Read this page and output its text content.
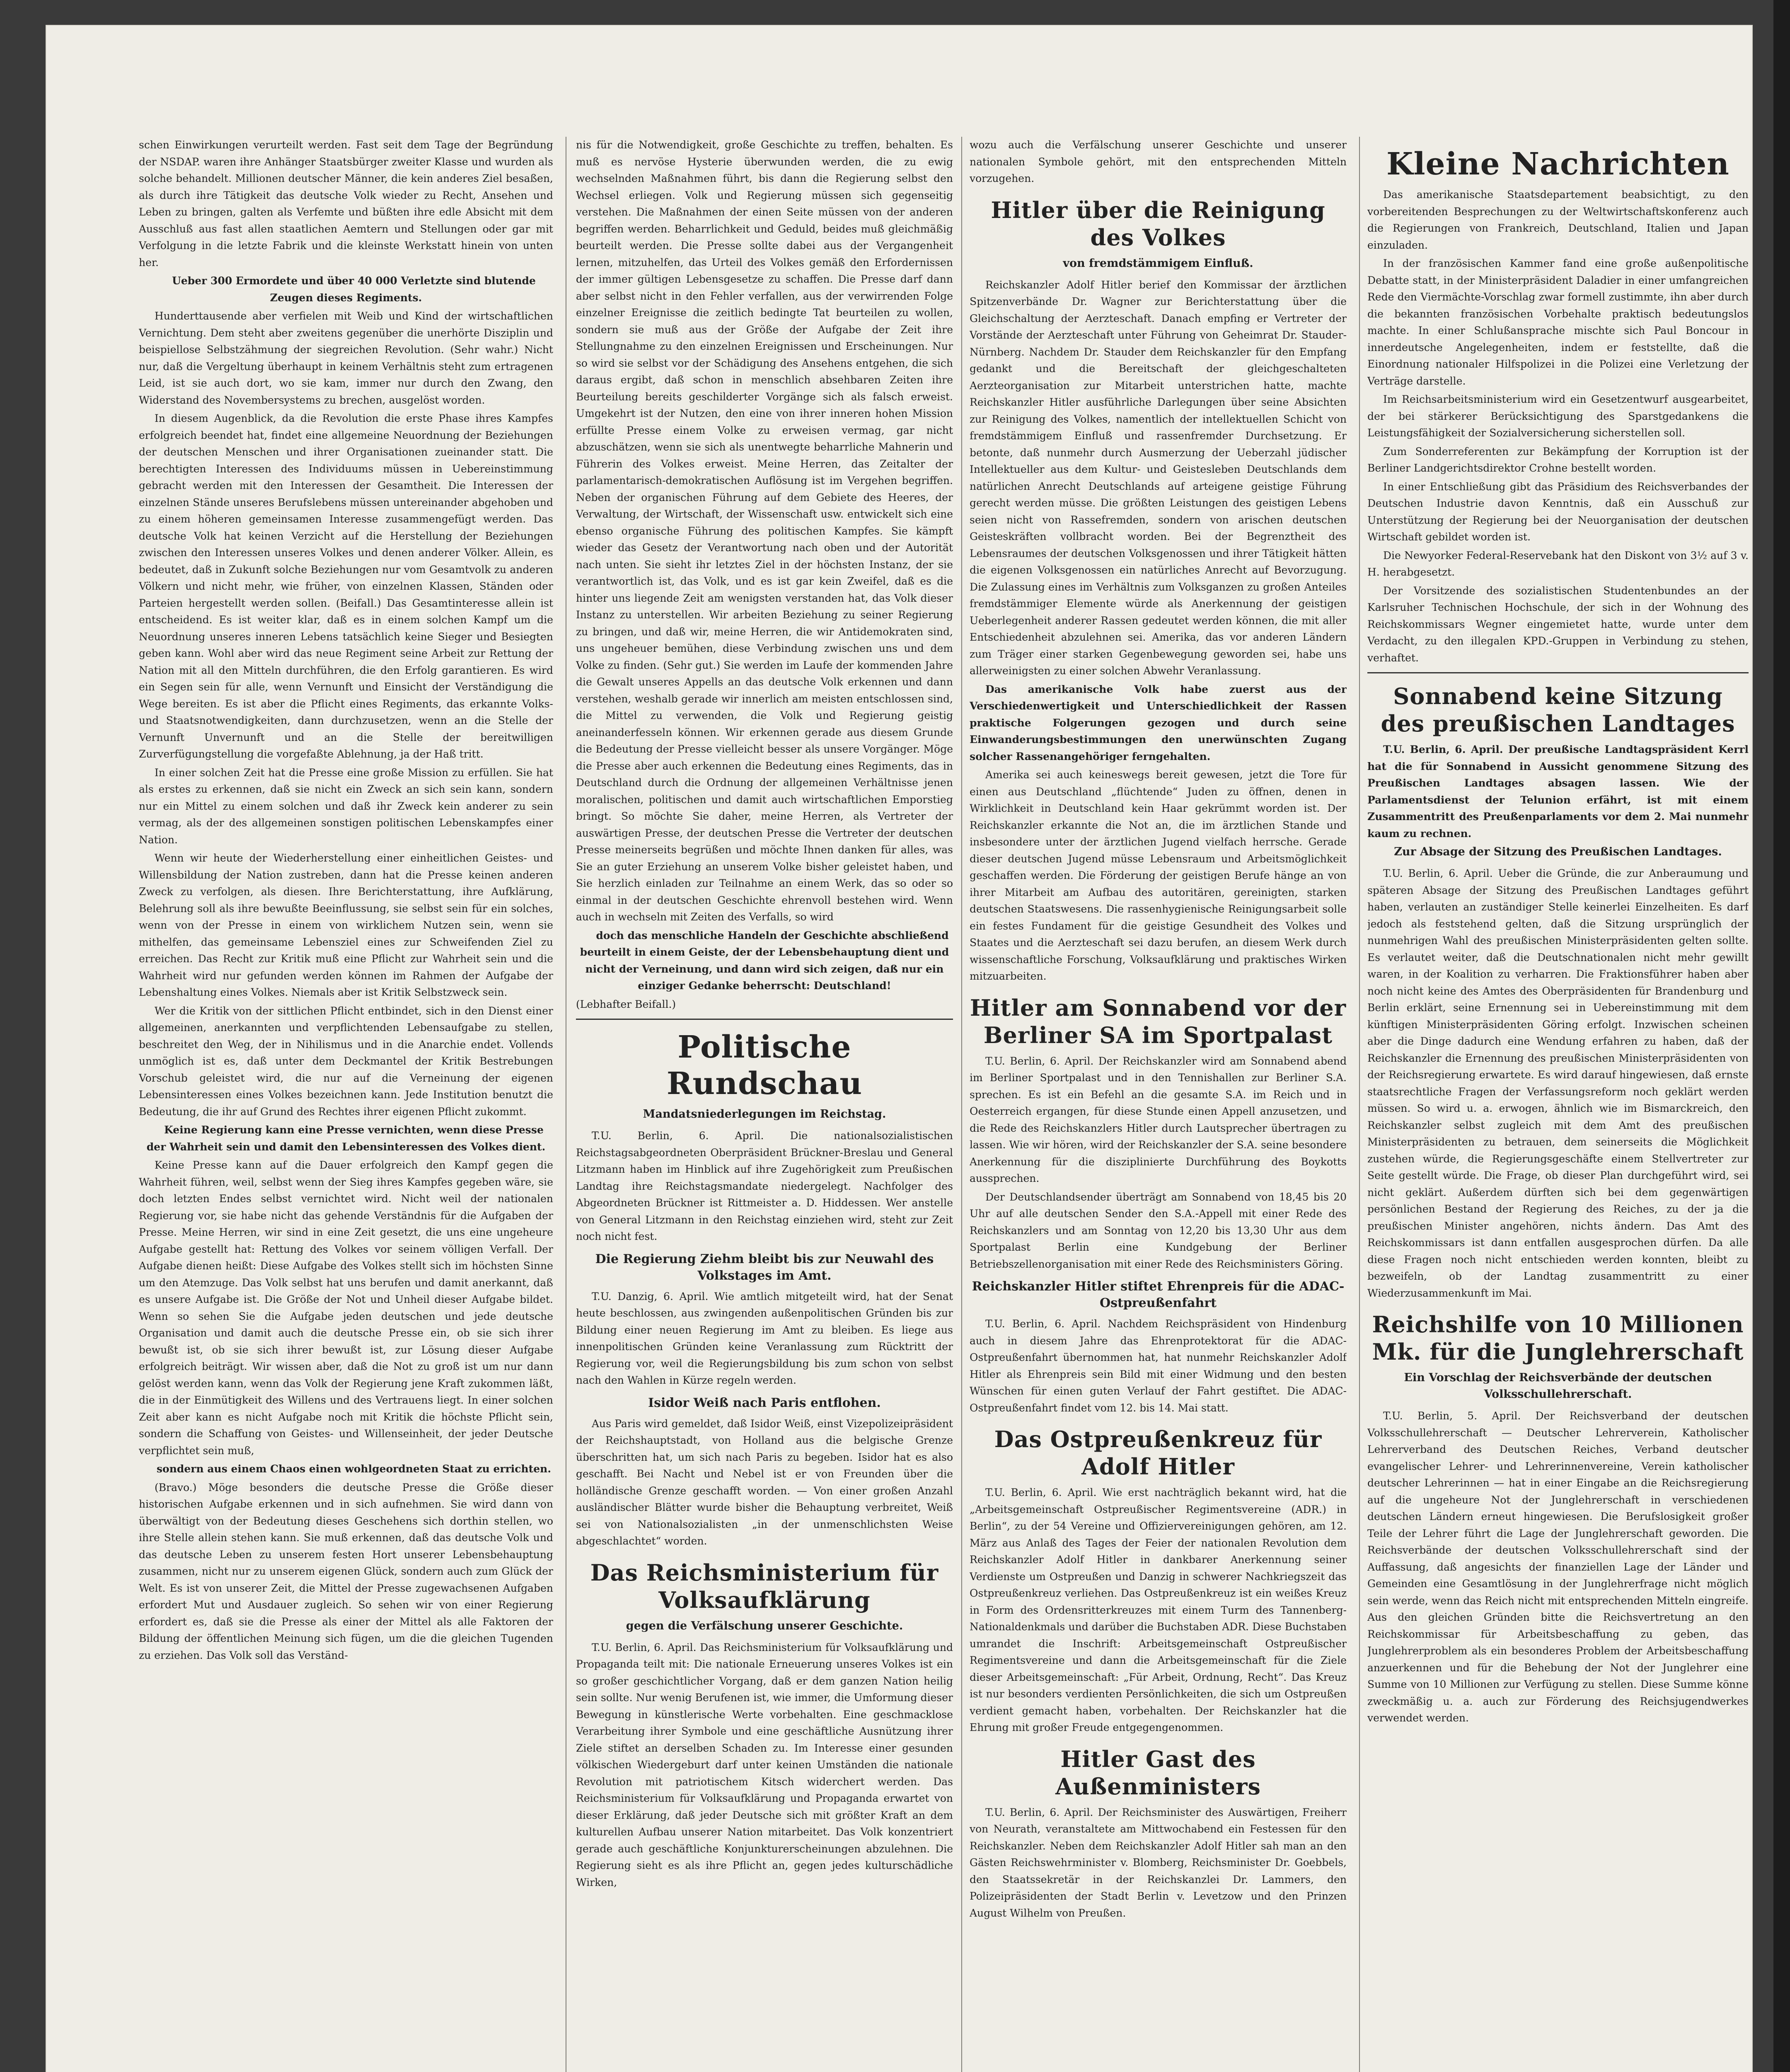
schen Einwirkungen verurteilt werden. Fast seit dem Tage der Begründung der NSDAP. waren ihre Anhänger Staatsbürger zweiter Klasse und wurden als solche behandelt. Millionen deutscher Männer, die kein anderes Ziel besaßen, als durch ihre Tätigkeit das deutsche Volk wieder zu Recht, Ansehen und Leben zu bringen, galten als Verfemte und büßten ihre edle Absicht mit dem Ausschluß aus fast allen staatlichen Aemtern und Stellungen oder gar mit Verfolgung in die letzte Fabrik und die kleinste Werkstatt hinein von unten her.

Ueber 300 Ermordete und über 40 000 Verletzte sind blutende Zeugen dieses Regiments.

Hunderttausende aber verfielen mit Weib und Kind der wirtschaftlichen Vernichtung. Dem steht aber zweitens gegenüber die unerhörte Disziplin und beispiellose Selbstzähmung der siegreichen Revolution. (Sehr wahr.) Nicht nur, daß die Vergeltung überhaupt in keinem Verhältnis steht zum ertragenen Leid, ist sie auch dort, wo sie kam, immer nur durch den Zwang, den Widerstand des Novembersystems zu brechen, ausgelöst worden.

In diesem Augenblick, da die Revolution die erste Phase ihres Kampfes erfolgreich beendet hat, findet eine allgemeine Neuordnung der Beziehungen der deutschen Menschen und ihrer Organisationen zueinander statt. Die berechtigten Interessen des Individuums müssen in Uebereinstimmung gebracht werden mit den Interessen der Gesamtheit. Die Interessen der einzelnen Stände unseres Berufslebens müssen untereinander abgehoben und zu einem höheren gemeinsamen Interesse zusammengefügt werden. Das deutsche Volk hat keinen Verzicht auf die Herstellung der Beziehungen zwischen den Interessen unseres Volkes und denen anderer Völker. Allein, es bedeutet, daß in Zukunft solche Beziehungen nur vom Gesamtvolk zu anderen Völkern und nicht mehr, wie früher, von einzelnen Klassen, Ständen oder Parteien hergestellt werden sollen. (Beifall.) Das Gesamtinteresse allein ist entscheidend. Es ist weiter klar, daß es in einem solchen Kampf um die Neuordnung unseres inneren Lebens tatsächlich keine Sieger und Besiegten geben kann. Wohl aber wird das neue Regiment seine Arbeit zur Rettung der Nation mit all den Mitteln durchführen, die den Erfolg garantieren. Es wird ein Segen sein für alle, wenn Vernunft und Einsicht der Verständigung die Wege bereiten. Es ist aber die Pflicht eines Regiments, das erkannte Volks- und Staatsnotwendigkeiten, dann durchzusetzen, wenn an die Stelle der Vernunft Unvernunft und an die Stelle der bereitwilligen Zurverfügungstellung die vorgefaßte Ablehnung, ja der Haß tritt.

In einer solchen Zeit hat die Presse eine große Mission zu erfüllen. Sie hat als erstes zu erkennen, daß sie nicht ein Zweck an sich sein kann, sondern nur ein Mittel zu einem solchen und daß ihr Zweck kein anderer zu sein vermag, als der des allgemeinen sonstigen politischen Lebenskampfes einer Nation.

Wenn wir heute der Wiederherstellung einer einheitlichen Geistes- und Willensbildung der Nation zustreben, dann hat die Presse keinen anderen Zweck zu verfolgen, als diesen. Ihre Berichterstattung, ihre Aufklärung, Belehrung soll als ihre bewußte Beeinflussung, sie selbst sein für ein solches, wenn von der Presse in einem von wirklichem Nutzen sein, wenn sie mithelfen, das gemeinsame Lebensziel eines zur Schweifenden Ziel zu erreichen. Das Recht zur Kritik muß eine Pflicht zur Wahrheit sein und die Wahrheit wird nur gefunden werden können im Rahmen der Aufgabe der Lebenshaltung eines Volkes. Niemals aber ist Kritik Selbstzweck sein.

Wer die Kritik von der sittlichen Pflicht entbindet, sich in den Dienst einer allgemeinen, anerkannten und verpflichtenden Lebensaufgabe zu stellen, beschreitet den Weg, der in Nihilismus und in die Anarchie endet. Vollends unmöglich ist es, daß unter dem Deckmantel der Kritik Bestrebungen Vorschub geleistet wird, die nur auf die Verneinung der eigenen Lebensinteressen eines Volkes bezeichnen kann. Jede Institution benutzt die Bedeutung, die ihr auf Grund des Rechtes ihrer eigenen Pflicht zukommt.

Keine Regierung kann eine Presse vernichten, wenn diese Presse der Wahrheit sein und damit den Lebensinteressen des Volkes dient.

Keine Presse kann auf die Dauer erfolgreich den Kampf gegen die Wahrheit führen, weil, selbst wenn der Sieg ihres Kampfes gegeben wäre, sie doch letzten Endes selbst vernichtet wird. Nicht weil der nationalen Regierung vor, sie habe nicht das gehende Verständnis für die Aufgaben der Presse. Meine Herren, wir sind in eine Zeit gesetzt, die uns eine ungeheure Aufgabe gestellt hat: Rettung des Volkes vor seinem völligen Verfall. Der Aufgabe dienen heißt: Diese Aufgabe des Volkes stellt sich im höchsten Sinne um den Atemzuge. Das Volk selbst hat uns berufen und damit anerkannt, daß es unsere Aufgabe ist. Die Größe der Not und Unheil dieser Aufgabe bildet. Wenn so sehen Sie die Aufgabe jeden deutschen und jede deutsche Organisation und damit auch die deutsche Presse ein, ob sie sich ihrer bewußt ist, ob sie sich ihrer bewußt ist, zur Lösung dieser Aufgabe erfolgreich beiträgt. Wir wissen aber, daß die Not zu groß ist um nur dann gelöst werden kann, wenn das Volk der Regierung jene Kraft zukommen läßt, die in der Einmütigkeit des Willens und des Vertrauens liegt. In einer solchen Zeit aber kann es nicht Aufgabe noch mit Kritik die höchste Pflicht sein, sondern die Schaffung von Geistes- und Willenseinheit, der jeder Deutsche verpflichtet sein muß,

sondern aus einem Chaos einen wohlgeordneten Staat zu errichten.

(Bravo.) Möge besonders die deutsche Presse die Größe dieser historischen Aufgabe erkennen und in sich aufnehmen. Sie wird dann von überwältigt von der Bedeutung dieses Geschehens sich dorthin stellen, wo ihre Stelle allein stehen kann. Sie muß erkennen, daß das deutsche Volk und das deutsche Leben zu unserem festen Hort unserer Lebensbehauptung zusammen, nicht nur zu unserem eigenen Glück, sondern auch zum Glück der Welt. Es ist von unserer Zeit, die Mittel der Presse zugewachsenen Aufgaben erfordert Mut und Ausdauer zugleich. So sehen wir von einer Regierung erfordert es, daß sie die Presse als einer der Mittel als alle Faktoren der Bildung der öffentlichen Meinung sich fügen, um die die gleichen Tugenden zu erziehen. Das Volk soll das Verständ-

nis für die Notwendigkeit, große Geschichte zu treffen, behalten. Es muß es nervöse Hysterie überwunden werden, die zu ewig wechselnden Maßnahmen führt, bis dann die Regierung selbst den Wechsel erliegen. Volk und Regierung müssen sich gegenseitig verstehen. Die Maßnahmen der einen Seite müssen von der anderen begriffen werden. Beharrlichkeit und Geduld, beides muß gleichmäßig beurteilt werden. Die Presse sollte dabei aus der Vergangenheit lernen, mitzuhelfen, das Urteil des Volkes gemäß den Erfordernissen der immer gültigen Lebensgesetze zu schaffen. Die Presse darf dann aber selbst nicht in den Fehler verfallen, aus der verwirrenden Folge einzelner Ereignisse die zeitlich bedingte Tat beurteilen zu wollen, sondern sie muß aus der Größe der Aufgabe der Zeit ihre Stellungnahme zu den einzelnen Ereignissen und Erscheinungen. Nur so wird sie selbst vor der Schädigung des Ansehens entgehen, die sich daraus ergibt, daß schon in menschlich absehbaren Zeiten ihre Beurteilung bereits geschilderter Vorgänge sich als falsch erweist. Umgekehrt ist der Nutzen, den eine von ihrer inneren hohen Mission erfüllte Presse einem Volke zu erweisen vermag, gar nicht abzuschätzen, wenn sie sich als unentwegte beharrliche Mahnerin und Führerin des Volkes erweist. Meine Herren, das Zeitalter der parlamentarisch-demokratischen Auflösung ist im Vergehen begriffen. Neben der organischen Führung auf dem Gebiete des Heeres, der Verwaltung, der Wirtschaft, der Wissenschaft usw. entwickelt sich eine ebenso organische Führung des politischen Kampfes. Sie kämpft wieder das Gesetz der Verantwortung nach oben und der Autorität nach unten. Sie sieht ihr letztes Ziel in der höchsten Instanz, der sie verantwortlich ist, das Volk, und es ist gar kein Zweifel, daß es die hinter uns liegende Zeit am wenigsten verstanden hat, das Volk dieser Instanz zu unterstellen. Wir arbeiten Beziehung zu seiner Regierung zu bringen, und daß wir, meine Herren, die wir Antidemokraten sind, uns ungeheuer bemühen, diese Verbindung zwischen uns und dem Volke zu finden. (Sehr gut.) Sie werden im Laufe der kommenden Jahre die Gewalt unseres Appells an das deutsche Volk erkennen und dann verstehen, weshalb gerade wir innerlich am meisten entschlossen sind, die Mittel zu verwenden, die Volk und Regierung geistig aneinanderfesseln können. Wir erkennen gerade aus diesem Grunde die Bedeutung der Presse vielleicht besser als unsere Vorgänger. Möge die Presse aber auch erkennen die Bedeutung eines Regiments, das in Deutschland durch die Ordnung der allgemeinen Verhältnisse jenen moralischen, politischen und damit auch wirtschaftlichen Emporstieg bringt. So möchte Sie daher, meine Herren, als Vertreter der auswärtigen Presse, der deutschen Presse die Vertreter der deutschen Presse meinerseits begrüßen und möchte Ihnen danken für alles, was Sie an guter Erziehung an unserem Volke bisher geleistet haben, und Sie herzlich einladen zur Teilnahme an einem Werk, das so oder so einmal in der deutschen Geschichte ehrenvoll bestehen wird. Wenn auch in wechseln mit Zeiten des Verfalls, so wird

doch das menschliche Handeln der Geschichte abschließend beurteilt in einem Geiste, der der Lebensbehauptung dient und nicht der Verneinung, und dann wird sich zeigen, daß nur ein einziger Gedanke beherrscht: Deutschland!

(Lebhafter Beifall.)

Politische Rundschau
Mandatsniederlegungen im Reichstag.

T.U. Berlin, 6. April. Die nationalsozialistischen Reichstagsabgeordneten Oberpräsident Brückner-Breslau und General Litzmann haben im Hinblick auf ihre Zugehörigkeit zum Preußischen Landtag ihre Reichstagsmandate niedergelegt. Nachfolger des Abgeordneten Brückner ist Rittmeister a. D. Hiddessen. Wer anstelle von General Litzmann in den Reichstag einziehen wird, steht zur Zeit noch nicht fest.

Die Regierung Ziehm bleibt bis zur Neuwahl des Volkstages im Amt.

T.U. Danzig, 6. April. Wie amtlich mitgeteilt wird, hat der Senat heute beschlossen, aus zwingenden außenpolitischen Gründen bis zur Bildung einer neuen Regierung im Amt zu bleiben. Es liege aus innenpolitischen Gründen keine Veranlassung zum Rücktritt der Regierung vor, weil die Regierungsbildung bis zum schon von selbst nach den Wahlen in Kürze regeln werden.

Isidor Weiß nach Paris entflohen.

Aus Paris wird gemeldet, daß Isidor Weiß, einst Vizepolizeipräsident der Reichshauptstadt, von Holland aus die belgische Grenze überschritten hat, um sich nach Paris zu begeben. Isidor hat es also geschafft. Bei Nacht und Nebel ist er von Freunden über die holländische Grenze geschafft worden. — Von einer großen Anzahl ausländischer Blätter wurde bisher die Behauptung verbreitet, Weiß sei von Nationalsozialisten „in der unmenschlichsten Weise abgeschlachtet“ worden.

Das Reichsministerium für Volksaufklärung
gegen die Verfälschung unserer Geschichte.

T.U. Berlin, 6. April. Das Reichsministerium für Volksaufklärung und Propaganda teilt mit: Die nationale Erneuerung unseres Volkes ist ein so großer geschichtlicher Vorgang, daß er dem ganzen Nation heilig sein sollte. Nur wenig Berufenen ist, wie immer, die Umformung dieser Bewegung in künstlerische Werte vorbehalten. Eine geschmacklose Verarbeitung ihrer Symbole und eine geschäftliche Ausnützung ihrer Ziele stiftet an derselben Schaden zu. Im Interesse einer gesunden völkischen Wiedergeburt darf unter keinen Umständen die nationale Revolution mit patriotischem Kitsch widerchert werden. Das Reichsministerium für Volksaufklärung und Propaganda erwartet von dieser Erklärung, daß jeder Deutsche sich mit größter Kraft an dem kulturellen Aufbau unserer Nation mitarbeitet. Das Volk konzentriert gerade auch geschäftliche Konjunkturerscheinungen abzulehnen. Die Regierung sieht es als ihre Pflicht an, gegen jedes kulturschädliche Wirken,

wozu auch die Verfälschung unserer Geschichte und unserer nationalen Symbole gehört, mit den entsprechenden Mitteln vorzugehen.

Hitler über die Reinigung des Volkes
von fremdstämmigem Einfluß.

Reichskanzler Adolf Hitler berief den Kommissar der ärztlichen Spitzenverbände Dr. Wagner zur Berichterstattung über die Gleichschaltung der Aerzteschaft. Danach empfing er Vertreter der Vorstände der Aerzteschaft unter Führung von Geheimrat Dr. Stauder-Nürnberg. Nachdem Dr. Stauder dem Reichskanzler für den Empfang gedankt und die Bereitschaft der gleichgeschalteten Aerzteorganisation zur Mitarbeit unterstrichen hatte, machte Reichskanzler Hitler ausführliche Darlegungen über seine Absichten zur Reinigung des Volkes, namentlich der intellektuellen Schicht von fremdstämmigem Einfluß und rassenfremder Durchsetzung. Er betonte, daß nunmehr durch Ausmerzung der Ueberzahl jüdischer Intellektueller aus dem Kultur- und Geistesleben Deutschlands dem natürlichen Anrecht Deutschlands auf arteigene geistige Führung gerecht werden müsse. Die größten Leistungen des geistigen Lebens seien nicht von Rassefremden, sondern von arischen deutschen Geisteskräften vollbracht worden. Bei der Begrenztheit des Lebensraumes der deutschen Volksgenossen und ihrer Tätigkeit hätten die eigenen Volksgenossen ein natürliches Anrecht auf Bevorzugung. Die Zulassung eines im Verhältnis zum Volksganzen zu großen Anteiles fremdstämmiger Elemente würde als Anerkennung der geistigen Ueberlegenheit anderer Rassen gedeutet werden können, die mit aller Entschiedenheit abzulehnen sei. Amerika, das vor anderen Ländern zum Träger einer starken Gegenbewegung geworden sei, habe uns allerweinigsten zu einer solchen Abwehr Veranlassung.

Das amerikanische Volk habe zuerst aus der Verschiedenwertigkeit und Unterschiedlichkeit der Rassen praktische Folgerungen gezogen und durch seine Einwanderungsbestimmungen den unerwünschten Zugang solcher Rassenangehöriger ferngehalten.

Amerika sei auch keineswegs bereit gewesen, jetzt die Tore für einen aus Deutschland „flüchtende“ Juden zu öffnen, denen in Wirklichkeit in Deutschland kein Haar gekrümmt worden ist. Der Reichskanzler erkannte die Not an, die im ärztlichen Stande und insbesondere unter der ärztlichen Jugend vielfach herrsche. Gerade dieser deutschen Jugend müsse Lebensraum und Arbeitsmöglichkeit geschaffen werden. Die Förderung der geistigen Berufe hänge an von ihrer Mitarbeit am Aufbau des autoritären, gereinigten, starken deutschen Staatswesens. Die rassenhygienische Reinigungsarbeit solle ein festes Fundament für die geistige Gesundheit des Volkes und Staates und die Aerzteschaft sei dazu berufen, an diesem Werk durch wissenschaftliche Forschung, Volksaufklärung und praktisches Wirken mitzuarbeiten.

Hitler am Sonnabend vor der Berliner SA im Sportpalast

T.U. Berlin, 6. April. Der Reichskanzler wird am Sonnabend abend im Berliner Sportpalast und in den Tennishallen zur Berliner S.A. sprechen. Es ist ein Befehl an die gesamte S.A. im Reich und in Oesterreich ergangen, für diese Stunde einen Appell anzusetzen, und die Rede des Reichskanzlers Hitler durch Lautsprecher übertragen zu lassen. Wie wir hören, wird der Reichskanzler der S.A. seine besondere Anerkennung für die disziplinierte Durchführung des Boykotts aussprechen.

Der Deutschlandsender überträgt am Sonnabend von 18,45 bis 20 Uhr auf alle deutschen Sender den S.A.-Appell mit einer Rede des Reichskanzlers und am Sonntag von 12,20 bis 13,30 Uhr aus dem Sportpalast Berlin eine Kundgebung der Berliner Betriebszellenorganisation mit einer Rede des Reichsministers Göring.

Reichskanzler Hitler stiftet Ehrenpreis für die ADAC-Ostpreußenfahrt

T.U. Berlin, 6. April. Nachdem Reichspräsident von Hindenburg auch in diesem Jahre das Ehrenprotektorat für die ADAC-Ostpreußenfahrt übernommen hat, hat nunmehr Reichskanzler Adolf Hitler als Ehrenpreis sein Bild mit einer Widmung und den besten Wünschen für einen guten Verlauf der Fahrt gestiftet. Die ADAC-Ostpreußenfahrt findet vom 12. bis 14. Mai statt.

Das Ostpreußenkreuz für Adolf Hitler

T.U. Berlin, 6. April. Wie erst nachträglich bekannt wird, hat die „Arbeitsgemeinschaft Ostpreußischer Regimentsvereine (ADR.) in Berlin“, zu der 54 Vereine und Offiziervereinigungen gehören, am 12. März aus Anlaß des Tages der Feier der nationalen Revolution dem Reichskanzler Adolf Hitler in dankbarer Anerkennung seiner Verdienste um Ostpreußen und Danzig in schwerer Nachkriegszeit das Ostpreußenkreuz verliehen. Das Ostpreußenkreuz ist ein weißes Kreuz in Form des Ordensritterkreuzes mit einem Turm des Tannenberg-Nationaldenkmals und darüber die Buchstaben ADR. Diese Buchstaben umrandet die Inschrift: Arbeitsgemeinschaft Ostpreußischer Regimentsvereine und dann die Arbeitsgemeinschaft für die Ziele dieser Arbeitsgemeinschaft: „Für Arbeit, Ordnung, Recht“. Das Kreuz ist nur besonders verdienten Persönlichkeiten, die sich um Ostpreußen verdient gemacht haben, vorbehalten. Der Reichskanzler hat die Ehrung mit großer Freude entgegengenommen.

Hitler Gast des Außenministers

T.U. Berlin, 6. April. Der Reichsminister des Auswärtigen, Freiherr von Neurath, veranstaltete am Mittwochabend ein Festessen für den Reichskanzler. Neben dem Reichskanzler Adolf Hitler sah man an den Gästen Reichswehrminister v. Blomberg, Reichsminister Dr. Goebbels, den Staatssekretär in der Reichskanzlei Dr. Lammers, den Polizeipräsidenten der Stadt Berlin v. Levetzow und den Prinzen August Wilhelm von Preußen.

Kleine Nachrichten

Das amerikanische Staatsdepartement beabsichtigt, zu den vorbereitenden Besprechungen zu der Weltwirtschaftskonferenz auch die Regierungen von Frankreich, Deutschland, Italien und Japan einzuladen.

In der französischen Kammer fand eine große außenpolitische Debatte statt, in der Ministerpräsident Daladier in einer umfangreichen Rede den Viermächte-Vorschlag zwar formell zustimmte, ihn aber durch die bekannten französischen Vorbehalte praktisch bedeutungslos machte. In einer Schlußansprache mischte sich Paul Boncour in innerdeutsche Angelegenheiten, indem er feststellte, daß die Einordnung nationaler Hilfspolizei in die Polizei eine Verletzung der Verträge darstelle.

Im Reichsarbeitsministerium wird ein Gesetzentwurf ausgearbeitet, der bei stärkerer Berücksichtigung des Sparstgedankens die Leistungsfähigkeit der Sozialversicherung sicherstellen soll.

Zum Sonderreferenten zur Bekämpfung der Korruption ist der Berliner Landgerichtsdirektor Crohne bestellt worden.

In einer Entschließung gibt das Präsidium des Reichsverbandes der Deutschen Industrie davon Kenntnis, daß ein Ausschuß zur Unterstützung der Regierung bei der Neuorganisation der deutschen Wirtschaft gebildet worden ist.

Die Newyorker Federal-Reservebank hat den Diskont von 3½ auf 3 v. H. herabgesetzt.

Der Vorsitzende des sozialistischen Studentenbundes an der Karlsruher Technischen Hochschule, der sich in der Wohnung des Reichskommissars Wegner eingemietet hatte, wurde unter dem Verdacht, zu den illegalen KPD.-Gruppen in Verbindung zu stehen, verhaftet.

Sonnabend keine Sitzung des preußischen Landtages

T.U. Berlin, 6. April. Der preußische Landtagspräsident Kerrl hat die für Sonnabend in Aussicht genommene Sitzung des Preußischen Landtages absagen lassen. Wie der Parlamentsdienst der Telunion erfährt, ist mit einem Zusammentritt des Preußenparlaments vor dem 2. Mai nunmehr kaum zu rechnen.

Zur Absage der Sitzung des Preußischen Landtages.

T.U. Berlin, 6. April. Ueber die Gründe, die zur Anberaumung und späteren Absage der Sitzung des Preußischen Landtages geführt haben, verlauten an zuständiger Stelle keinerlei Einzelheiten. Es darf jedoch als feststehend gelten, daß die Sitzung ursprünglich der nunmehrigen Wahl des preußischen Ministerpräsidenten gelten sollte. Es verlautet weiter, daß die Deutschnationalen nicht mehr gewillt waren, in der Koalition zu verharren. Die Fraktionsführer haben aber noch nicht keine des Amtes des Oberpräsidenten für Brandenburg und Berlin erklärt, seine Ernennung sei in Uebereinstimmung mit dem künftigen Ministerpräsidenten Göring erfolgt. Inzwischen scheinen aber die Dinge dadurch eine Wendung erfahren zu haben, daß der Reichskanzler die Ernennung des preußischen Ministerpräsidenten von der Reichsregierung erwartete. Es wird darauf hingewiesen, daß ernste staatsrechtliche Fragen der Verfassungsreform noch geklärt werden müssen. So wird u. a. erwogen, ähnlich wie im Bismarckreich, den Reichskanzler selbst zugleich mit dem Amt des preußischen Ministerpräsidenten zu betrauen, dem seinerseits die Möglichkeit zustehen würde, die Regierungsgeschäfte einem Stellvertreter zur Seite gestellt würde. Die Frage, ob dieser Plan durchgeführt wird, sei nicht geklärt. Außerdem dürften sich bei dem gegenwärtigen persönlichen Bestand der Regierung des Reiches, zu der ja die preußischen Minister angehören, nichts ändern. Das Amt des Reichskommissars ist dann entfallen ausgesprochen dürfen. Da alle diese Fragen noch nicht entschieden werden konnten, bleibt zu bezweifeln, ob der Landtag zusammentritt zu einer Wiederzusammenkunft im Mai.

Reichshilfe von 10 Millionen Mk. für die Junglehrerschaft
Ein Vorschlag der Reichsverbände der deutschen Volksschullehrerschaft.

T.U. Berlin, 5. April. Der Reichsverband der deutschen Volksschullehrerschaft — Deutscher Lehrerverein, Katholischer Lehrerverband des Deutschen Reiches, Verband deutscher evangelischer Lehrer- und Lehrerinnenvereine, Verein katholischer deutscher Lehrerinnen — hat in einer Eingabe an die Reichsregierung auf die ungeheure Not der Junglehrerschaft in verschiedenen deutschen Ländern erneut hingewiesen. Die Berufslosigkeit großer Teile der Lehrer führt die Lage der Junglehrerschaft geworden. Die Reichsverbände der deutschen Volksschullehrerschaft sind der Auffassung, daß angesichts der finanziellen Lage der Länder und Gemeinden eine Gesamtlösung in der Junglehrerfrage nicht möglich sein werde, wenn das Reich nicht mit entsprechenden Mitteln eingreife. Aus den gleichen Gründen bitte die Reichsvertretung an den Reichskommissar für Arbeitsbeschaffung zu geben, das Junglehrerproblem als ein besonderes Problem der Arbeitsbeschaffung anzuerkennen und für die Behebung der Not der Junglehrer eine Summe von 10 Millionen zur Verfügung zu stellen. Diese Summe könne zweckmäßig u. a. auch zur Förderung des Reichsjugendwerkes verwendet werden.
